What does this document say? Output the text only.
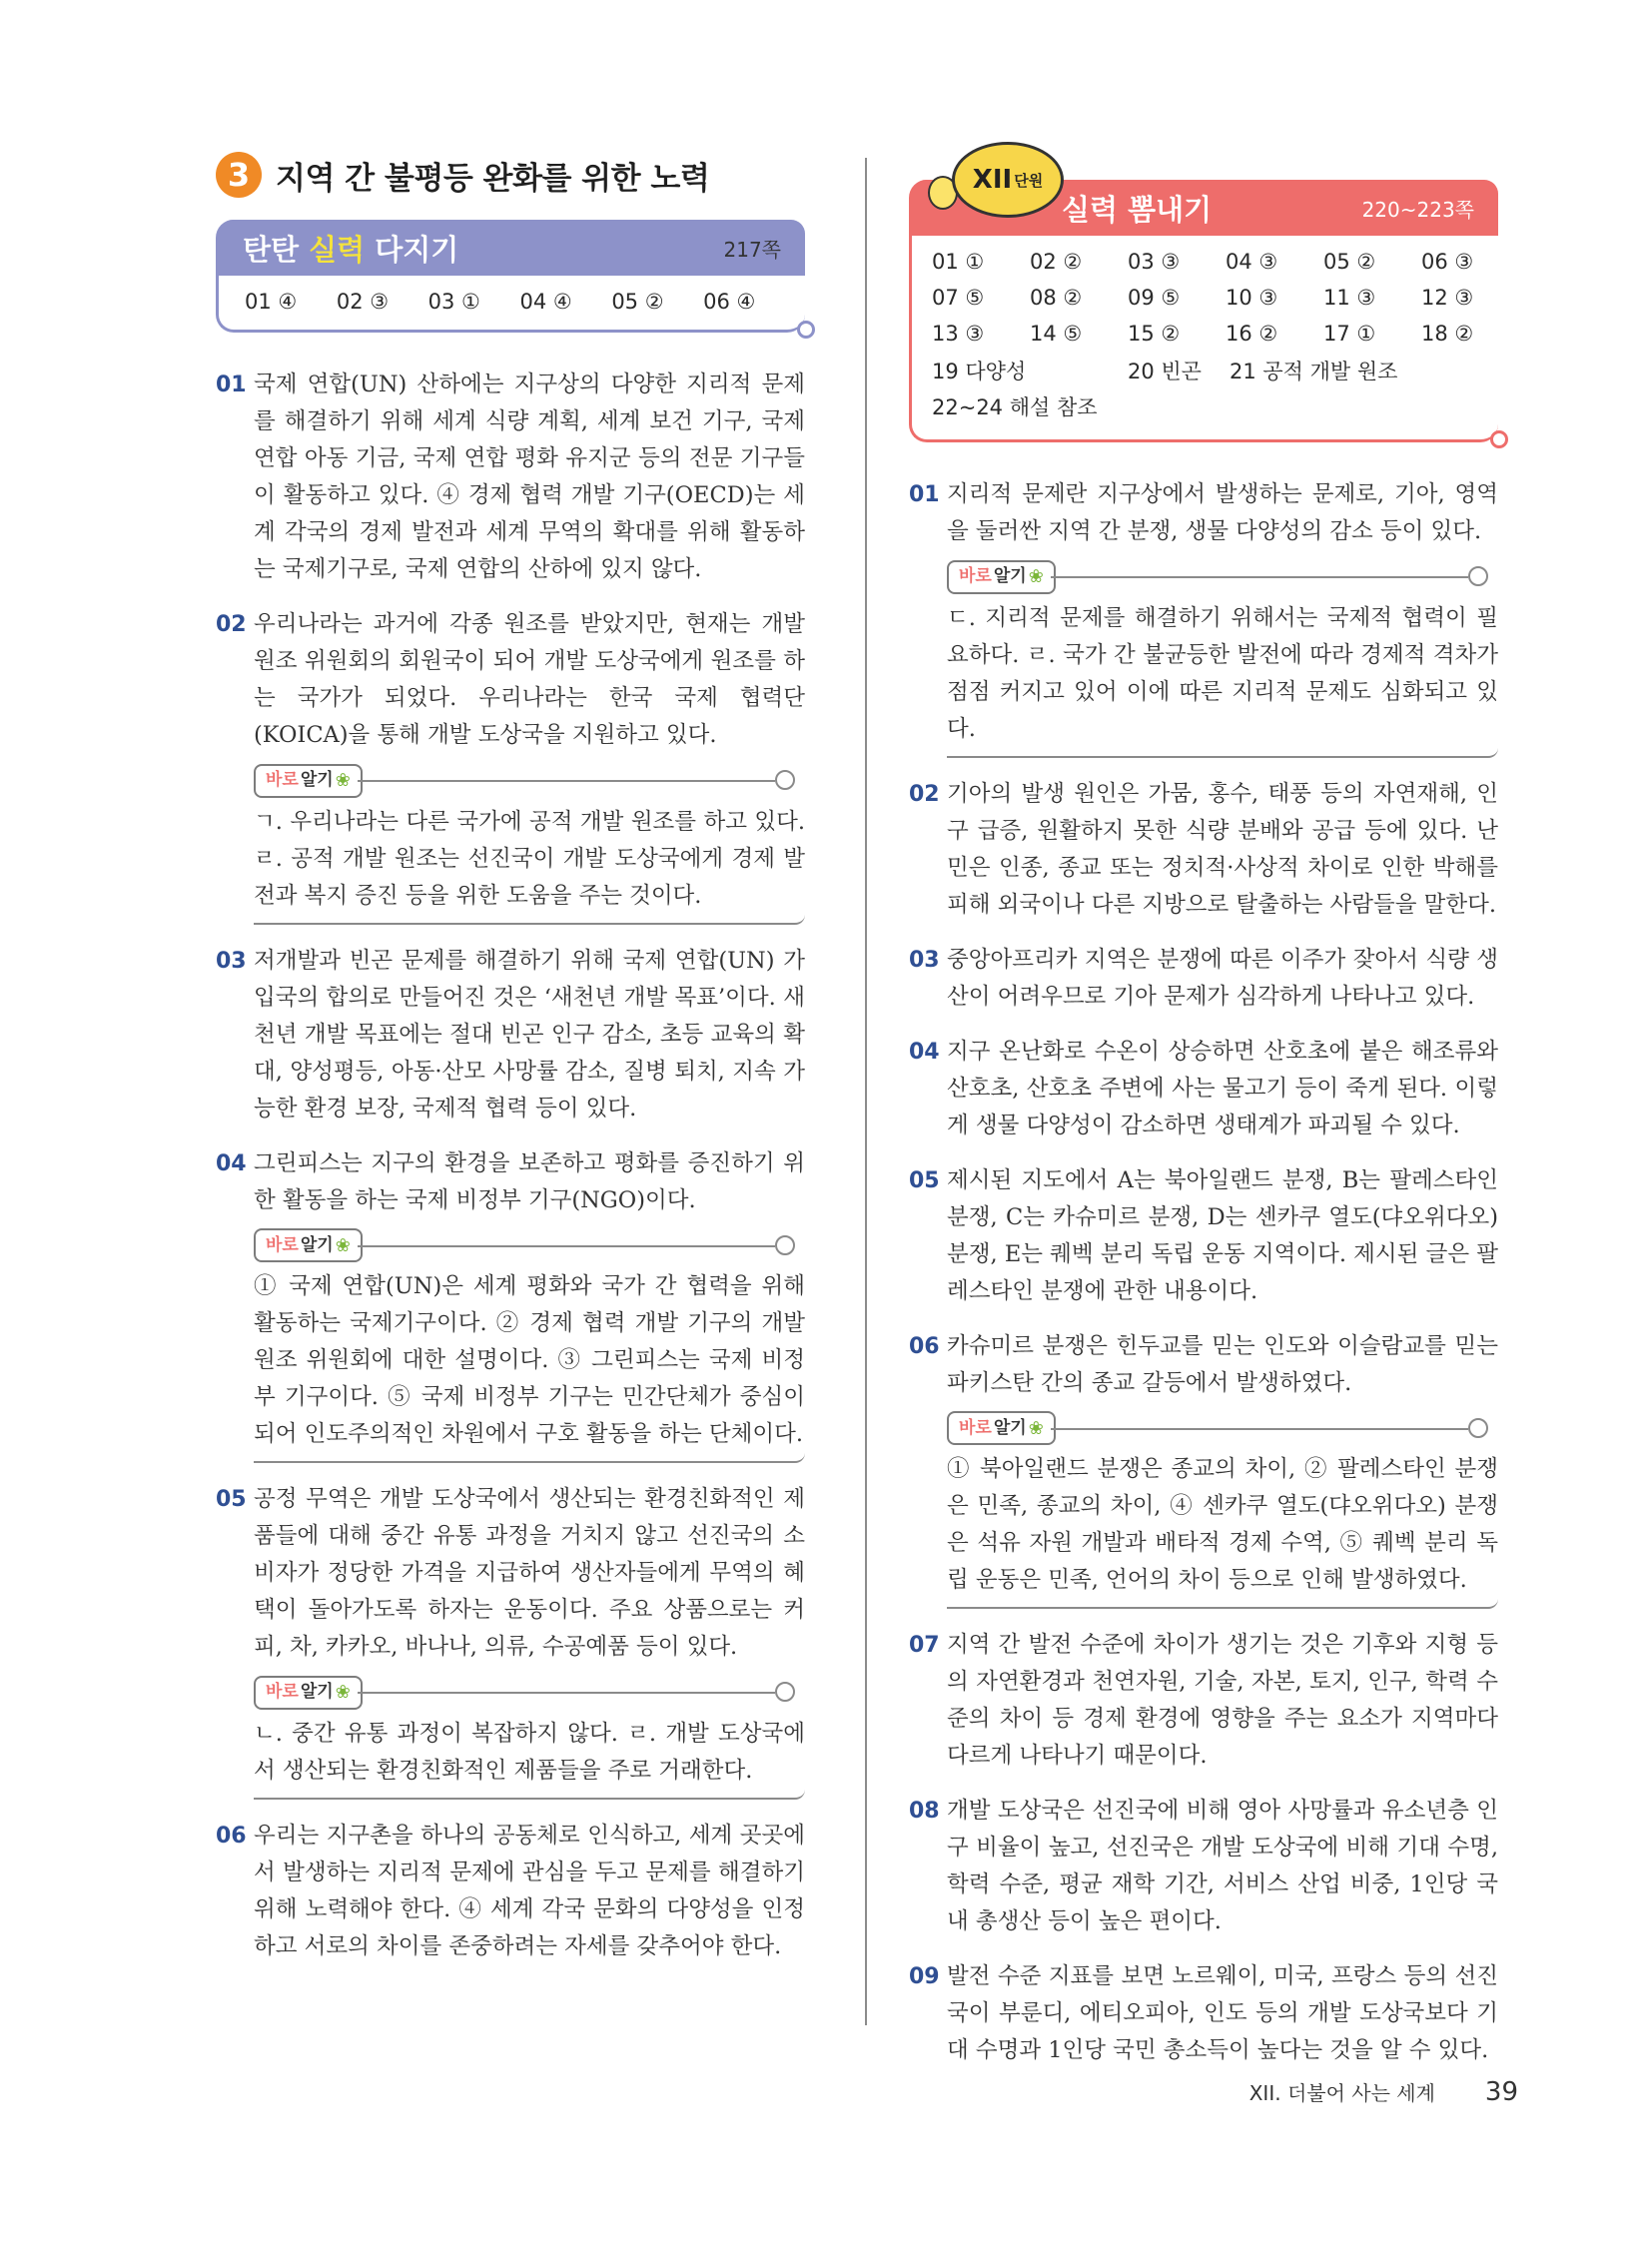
3 지역 간 불평등 완화를 위한 노력
탄탄 실력 다지기	217쪽
01 ④	02 ③	03 ①	04 ④	05 ②	06 ④
01 국제 연합(UN) 산하에는 지구상의 다양한 지리적 문제를 해결하기 위해 세계 식량 계획, 세계 보건 기구, 국제 연합 아동 기금, 국제 연합 평화 유지군 등의 전문 기구들이 활동하고 있다. ④ 경제 협력 개발 기구(OECD)는 세계 각국의 경제 발전과 세계 무역의 확대를 위해 활동하는 국제기구로, 국제 연합의 산하에 있지 않다.

02 우리나라는 과거에 각종 원조를 받았지만, 현재는 개발 원조 위원회의 회원국이 되어 개발 도상국에게 원조를 하는 국가가 되었다. 우리나라는 한국 국제 협력단(KOICA)을 통해 개발 도상국을 지원하고 있다.

바로 알기 ❀
ㄱ. 우리나라는 다른 국가에 공적 개발 원조를 하고 있다. ㄹ. 공적 개발 원조는 선진국이 개발 도상국에게 경제 발전과 복지 증진 등을 위한 도움을 주는 것이다.
03 저개발과 빈곤 문제를 해결하기 위해 국제 연합(UN) 가입국의 합의로 만들어진 것은 ‘새천년 개발 목표’이다. 새천년 개발 목표에는 절대 빈곤 인구 감소, 초등 교육의 확대, 양성평등, 아동·산모 사망률 감소, 질병 퇴치, 지속 가능한 환경 보장, 국제적 협력 등이 있다.

04 그린피스는 지구의 환경을 보존하고 평화를 증진하기 위한 활동을 하는 국제 비정부 기구(NGO)이다.

바로 알기 ❀
① 국제 연합(UN)은 세계 평화와 국가 간 협력을 위해 활동하는 국제기구이다. ② 경제 협력 개발 기구의 개발 원조 위원회에 대한 설명이다. ③ 그린피스는 국제 비정부 기구이다. ⑤ 국제 비정부 기구는 민간단체가 중심이 되어 인도주의적인 차원에서 구호 활동을 하는 단체이다.
05 공정 무역은 개발 도상국에서 생산되는 환경친화적인 제품들에 대해 중간 유통 과정을 거치지 않고 선진국의 소비자가 정당한 가격을 지급하여 생산자들에게 무역의 혜택이 돌아가도록 하자는 운동이다. 주요 상품으로는 커피, 차, 카카오, 바나나, 의류, 수공예품 등이 있다.

바로 알기 ❀
ㄴ. 중간 유통 과정이 복잡하지 않다. ㄹ. 개발 도상국에서 생산되는 환경친화적인 제품들을 주로 거래한다.
06 우리는 지구촌을 하나의 공동체로 인식하고, 세계 곳곳에서 발생하는 지리적 문제에 관심을 두고 문제를 해결하기 위해 노력해야 한다. ④ 세계 각국 문화의 다양성을 인정하고 서로의 차이를 존중하려는 자세를 갖추어야 한다.

XII 단원
실력 뽐내기	220~223쪽
01 ①	02 ②	03 ③	04 ③	05 ②	06 ③
07 ⑤	08 ②	09 ⑤	10 ③	11 ③	12 ③
13 ③	14 ⑤	15 ②	16 ②	17 ①	18 ②
19 다양성	20 빈곤 21 공적 개발 원조
22~24 해설 참조
01 지리적 문제란 지구상에서 발생하는 문제로, 기아, 영역을 둘러싼 지역 간 분쟁, 생물 다양성의 감소 등이 있다.

바로 알기 ❀
ㄷ. 지리적 문제를 해결하기 위해서는 국제적 협력이 필요하다. ㄹ. 국가 간 불균등한 발전에 따라 경제적 격차가 점점 커지고 있어 이에 따른 지리적 문제도 심화되고 있다.
02 기아의 발생 원인은 가뭄, 홍수, 태풍 등의 자연재해, 인구 급증, 원활하지 못한 식량 분배와 공급 등에 있다. 난민은 인종, 종교 또는 정치적·사상적 차이로 인한 박해를 피해 외국이나 다른 지방으로 탈출하는 사람들을 말한다.

03 중앙아프리카 지역은 분쟁에 따른 이주가 잦아서 식량 생산이 어려우므로 기아 문제가 심각하게 나타나고 있다.

04 지구 온난화로 수온이 상승하면 산호초에 붙은 해조류와 산호초, 산호초 주변에 사는 물고기 등이 죽게 된다. 이렇게 생물 다양성이 감소하면 생태계가 파괴될 수 있다.

05 제시된 지도에서 A는 북아일랜드 분쟁, B는 팔레스타인 분쟁, C는 카슈미르 분쟁, D는 센카쿠 열도(댜오위다오) 분쟁, E는 퀘벡 분리 독립 운동 지역이다. 제시된 글은 팔레스타인 분쟁에 관한 내용이다.

06 카슈미르 분쟁은 힌두교를 믿는 인도와 이슬람교를 믿는 파키스탄 간의 종교 갈등에서 발생하였다.

바로 알기 ❀
① 북아일랜드 분쟁은 종교의 차이, ② 팔레스타인 분쟁은 민족, 종교의 차이, ④ 센카쿠 열도(댜오위다오) 분쟁은 석유 자원 개발과 배타적 경제 수역, ⑤ 퀘벡 분리 독립 운동은 민족, 언어의 차이 등으로 인해 발생하였다.
07 지역 간 발전 수준에 차이가 생기는 것은 기후와 지형 등의 자연환경과 천연자원, 기술, 자본, 토지, 인구, 학력 수준의 차이 등 경제 환경에 영향을 주는 요소가 지역마다 다르게 나타나기 때문이다.

08 개발 도상국은 선진국에 비해 영아 사망률과 유소년층 인구 비율이 높고, 선진국은 개발 도상국에 비해 기대 수명, 학력 수준, 평균 재학 기간, 서비스 산업 비중, 1인당 국내 총생산 등이 높은 편이다.

09 발전 수준 지표를 보면 노르웨이, 미국, 프랑스 등의 선진국이 부룬디, 에티오피아, 인도 등의 개발 도상국보다 기대 수명과 1인당 국민 총소득이 높다는 것을 알 수 있다.

XII. 더불어 사는 세계 39
